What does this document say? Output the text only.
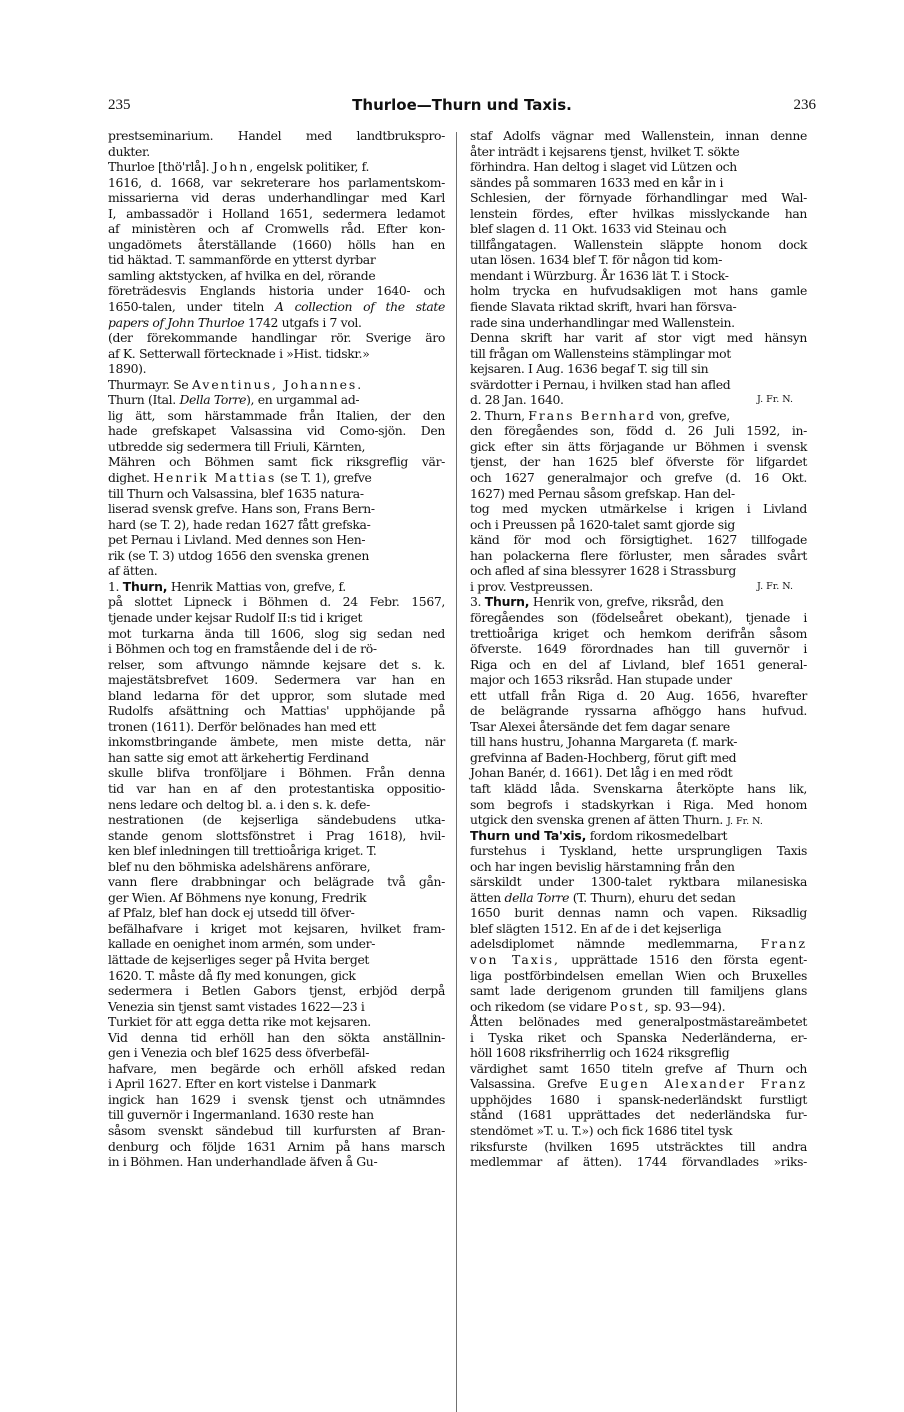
235	Thurloe—Thurn und Taxis.	236
prestseminarium. Handel med landtbrukspro-
dukter.
Thurloe [thö'rlå]. John, engelsk politiker, f.
1616, d. 1668, var sekreterare hos parlamentskom-
missarierna vid deras underhandlingar med Karl
I, ambassadör i Holland 1651, sedermera ledamot
af ministèren och af Cromwells råd. Efter kon-
ungadömets återställande (1660) hölls han en
tid häktad. T. sammanförde en ytterst dyrbar
samling aktstycken, af hvilka en del, rörande
företrädesvis Englands historia under 1640- och
1650-talen, under titeln A collection of the state
papers of John Thurloe 1742 utgafs i 7 vol.
(der förekommande handlingar rör. Sverige äro
af K. Setterwall förtecknade i »Hist. tidskr.»
1890).
Thurmayr. Se Aventinus, Johannes.
Thurn (Ital. Della Torre), en urgammal ad-
lig ätt, som härstammade från Italien, der den
hade grefskapet Valsassina vid Como-sjön. Den
utbredde sig sedermera till Friuli, Kärnten,
Mähren och Böhmen samt fick riksgreflig vär-
dighet. Henrik Mattias (se T. 1), grefve
till Thurn och Valsassina, blef 1635 natura-
liserad svensk grefve. Hans son, Frans Bern-
hard (se T. 2), hade redan 1627 fått grefska-
pet Pernau i Livland. Med dennes son Hen-
rik (se T. 3) utdog 1656 den svenska grenen
af ätten.
1. Thurn, Henrik Mattias von, grefve, f.
på slottet Lipneck i Böhmen d. 24 Febr. 1567,
tjenade under kejsar Rudolf II:s tid i kriget
mot turkarna ända till 1606, slog sig sedan ned
i Böhmen och tog en framstående del i de rö-
relser, som aftvungo nämnde kejsare det s. k.
majestätsbrefvet 1609. Sedermera var han en
bland ledarna för det uppror, som slutade med
Rudolfs afsättning och Mattias' upphöjande på
tronen (1611). Derför belönades han med ett
inkomstbringande ämbete, men miste detta, när
han satte sig emot att ärkehertig Ferdinand
skulle blifva tronföljare i Böhmen. Från denna
tid var han en af den protestantiska oppositio-
nens ledare och deltog bl. a. i den s. k. defe-
nestrationen (de kejserliga sändebudens utka-
stande genom slottsfönstret i Prag 1618), hvil-
ken blef inledningen till trettioåriga kriget. T.
blef nu den böhmiska adelshärens anförare,
vann flere drabbningar och belägrade två gån-
ger Wien. Af Böhmens nye konung, Fredrik
af Pfalz, blef han dock ej utsedd till öfver-
befälhafvare i kriget mot kejsaren, hvilket fram-
kallade en oenighet inom armén, som under-
lättade de kejserliges seger på Hvita berget
1620. T. måste då fly med konungen, gick
sedermera i Betlen Gabors tjenst, erbjöd derpå
Venezia sin tjenst samt vistades 1622—23 i
Turkiet för att egga detta rike mot kejsaren.
Vid denna tid erhöll han den sökta anställnin-
gen i Venezia och blef 1625 dess öfverbefäl-
hafvare, men begärde och erhöll afsked redan
i April 1627. Efter en kort vistelse i Danmark
ingick han 1629 i svensk tjenst och utnämndes
till guvernör i Ingermanland. 1630 reste han
såsom svenskt sändebud till kurfursten af Bran-
denburg och följde 1631 Arnim på hans marsch
in i Böhmen. Han underhandlade äfven å Gu-
staf Adolfs vägnar med Wallenstein, innan denne
åter inträdt i kejsarens tjenst, hvilket T. sökte
förhindra. Han deltog i slaget vid Lützen och
sändes på sommaren 1633 med en kår in i
Schlesien, der förnyade förhandlingar med Wal-
lenstein fördes, efter hvilkas misslyckande han
blef slagen d. 11 Okt. 1633 vid Steinau och
tillfångatagen. Wallenstein släppte honom dock
utan lösen. 1634 blef T. för någon tid kom-
mendant i Würzburg. År 1636 lät T. i Stock-
holm trycka en hufvudsakligen mot hans gamle
fiende Slavata riktad skrift, hvari han försva-
rade sina underhandlingar med Wallenstein.
Denna skrift har varit af stor vigt med hänsyn
till frågan om Wallensteins stämplingar mot
kejsaren. I Aug. 1636 begaf T. sig till sin
svärdotter i Pernau, i hvilken stad han afled
d. 28 Jan. 1640.	J. Fr. N.
2. Thurn, Frans Bernhard von, grefve,
den föregåendes son, född d. 26 Juli 1592, in-
gick efter sin ätts förjagande ur Böhmen i svensk
tjenst, der han 1625 blef öfverste för lifgardet
och 1627 generalmajor och grefve (d. 16 Okt.
1627) med Pernau såsom grefskap. Han del-
tog med mycken utmärkelse i krigen i Livland
och i Preussen på 1620-talet samt gjorde sig
känd för mod och försigtighet. 1627 tillfogade
han polackerna flere förluster, men sårades svårt
och afled af sina blessyrer 1628 i Strassburg
i prov. Vestpreussen.	J. Fr. N.
3. Thurn, Henrik von, grefve, riksråd, den
föregåendes son (födelseåret obekant), tjenade i
trettioåriga kriget och hemkom derifrån såsom
öfverste. 1649 förordnades han till guvernör i
Riga och en del af Livland, blef 1651 general-
major och 1653 riksråd. Han stupade under
ett utfall från Riga d. 20 Aug. 1656, hvarefter
de belägrande ryssarna afhöggo hans hufvud.
Tsar Alexei återsände det fem dagar senare
till hans hustru, Johanna Margareta (f. mark-
grefvinna af Baden-Hochberg, förut gift med
Johan Banér, d. 1661). Det låg i en med rödt
taft klädd låda. Svenskarna återköpte hans lik,
som begrofs i stadskyrkan i Riga. Med honom
utgick den svenska grenen af ätten Thurn. J. Fr. N.
Thurn und Ta'xis, fordom rikosmedelbart
furstehus i Tyskland, hette ursprungligen Taxis
och har ingen bevislig härstamning från den
särskildt under 1300-talet ryktbara milanesiska
ätten della Torre (T. Thurn), ehuru det sedan
1650 burit dennas namn och vapen. Riksadlig
blef slägten 1512. En af de i det kejserliga
adelsdiplomet nämnde medlemmarna, Franz
von Taxis, upprättade 1516 den första egent-
liga postförbindelsen emellan Wien och Bruxelles
samt lade derigenom grunden till familjens glans
och rikedom (se vidare Post, sp. 93—94).
Åtten belönades med generalpostmästareämbetet
i Tyska riket och Spanska Nederländerna, er-
höll 1608 riksfriherrlig och 1624 riksgreflig
värdighet samt 1650 titeln grefve af Thurn och
Valsassina. Grefve Eugen Alexander Franz
upphöjdes 1680 i spansk-nederländskt furstligt
stånd (1681 upprättades det nederländska fur-
stendömet »T. u. T.») och fick 1686 titel tysk
riksfurste (hvilken 1695 utsträcktes till andra
medlemmar af ätten). 1744 förvandlades »riks-
